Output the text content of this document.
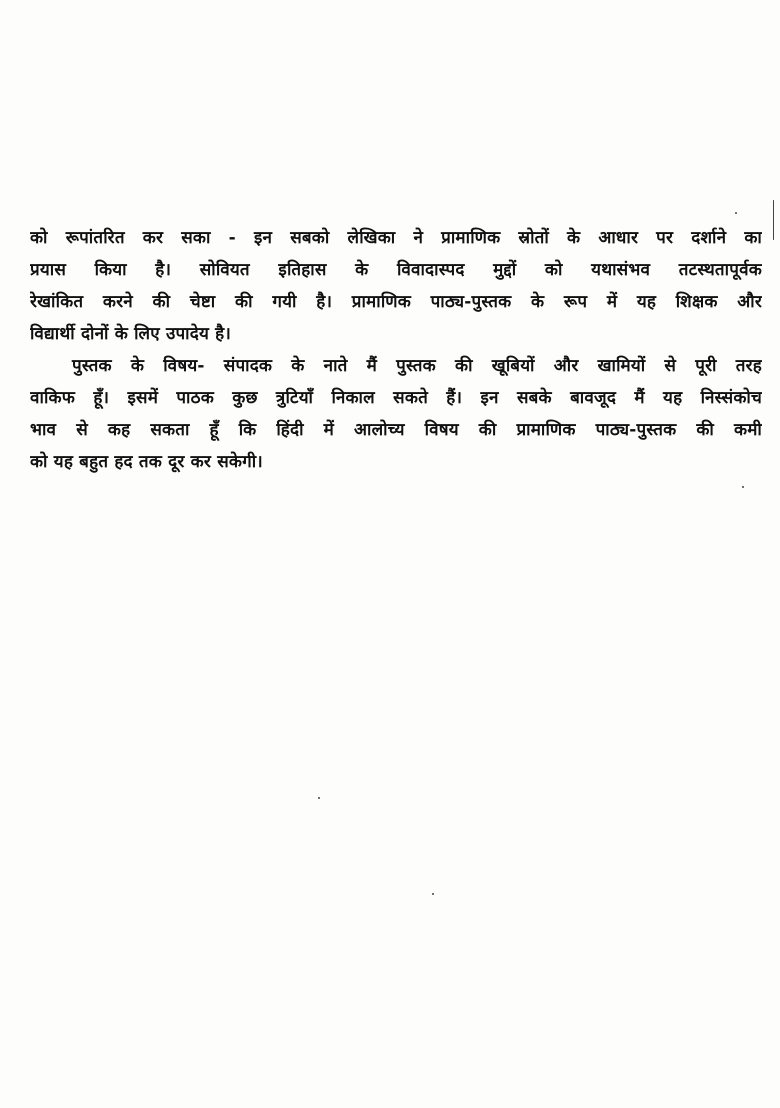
को रूपांतरित कर सका - इन सबको लेखिका ने प्रामाणिक स्रोतों के आधार पर दर्शाने का
प्रयास किया है। सोवियत इतिहास के विवादास्पद मुद्दों को यथासंभव तटस्थतापूर्वक
रेखांकित करने की चेष्टा की गयी है। प्रामाणिक पाठ्य-पुस्तक के रूप में यह शिक्षक और
विद्यार्थी दोनों के लिए उपादेय है।
पुस्तक के विषय- संपादक के नाते मैं पुस्तक की खूबियों और खामियों से पूरी तरह
वाकिफ हूँ। इसमें पाठक कुछ त्रुटियाँ निकाल सकते हैं। इन सबके बावजूद मैं यह निस्संकोच
भाव से कह सकता हूँ कि हिंदी में आलोच्य विषय की प्रामाणिक पाठ्य-पुस्तक की कमी
को यह बहुत हद तक दूर कर सकेगी।
